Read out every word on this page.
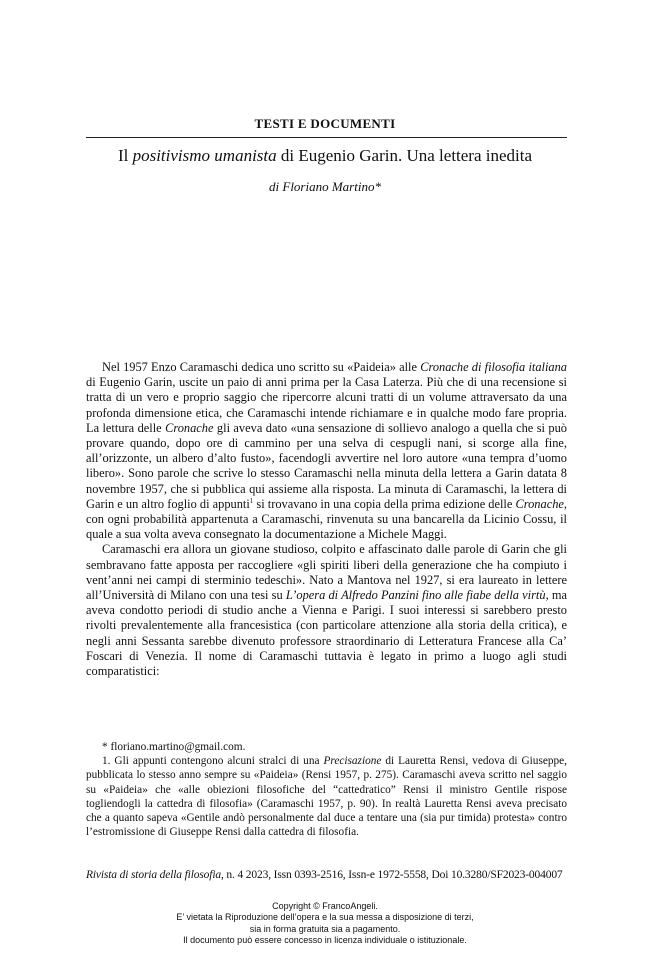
TESTI E DOCUMENTI
Il positivismo umanista di Eugenio Garin. Una lettera inedita
di Floriano Martino*

Nel 1957 Enzo Caramaschi dedica uno scritto su «Paideia» alle Cronache di filosofia italiana di Eugenio Garin, uscite un paio di anni prima per la Casa Laterza. Più che di una recensione si tratta di un vero e proprio saggio che ripercorre alcuni tratti di un volume attraversato da una profonda dimensione etica, che Caramaschi intende richiamare e in qualche modo fare propria. La lettura delle Cronache gli aveva dato «una sensazione di sollievo analogo a quella che si può provare quando, dopo ore di cammino per una selva di cespugli nani, si scorge alla fine, all’orizzonte, un albero d’alto fusto», facendogli avvertire nel loro autore «una tempra d’uomo libero». Sono parole che scrive lo stesso Caramaschi nella minuta della lettera a Garin datata 8 novembre 1957, che si pubblica qui assieme alla risposta. La minuta di Caramaschi, la lettera di Garin e un altro foglio di appunti$^1$ si trovavano in una copia della prima edizione delle Cronache, con ogni probabilità appartenuta a Caramaschi, rinvenuta su una bancarella da Licinio Cossu, il quale a sua volta aveva consegnato la documentazione a Michele Maggi.

Caramaschi era allora un giovane studioso, colpito e affascinato dalle parole di Garin che gli sembravano fatte apposta per raccogliere «gli spiriti liberi della generazione che ha compiuto i vent’anni nei campi di sterminio tedeschi». Nato a Mantova nel 1927, si era laureato in lettere all’Università di Milano con una tesi su L’opera di Alfredo Panzini fino alle fiabe della virtù, ma aveva condotto periodi di studio anche a Vienna e Parigi. I suoi interessi si sarebbero presto rivolti prevalentemente alla francesistica (con particolare attenzione alla storia della critica), e negli anni Sessanta sarebbe divenuto professore straordinario di Letteratura Francese alla Ca’ Foscari di Venezia. Il nome di Caramaschi tuttavia è legato in primo a luogo agli studi comparatistici:

* floriano.martino@gmail.com.

1. Gli appunti contengono alcuni stralci di una Precisazione di Lauretta Rensi, vedova di Giuseppe, pubblicata lo stesso anno sempre su «Paideia» (Rensi 1957, p. 275). Caramaschi aveva scritto nel saggio su «Paideia» che «alle obiezioni filosofiche del “cattedratico” Rensi il ministro Gentile rispose togliendogli la cattedra di filosofia» (Caramaschi 1957, p. 90). In realtà Lauretta Rensi aveva precisato che a quanto sapeva «Gentile andò personalmente dal duce a tentare una (sia pur timida) protesta» contro l’estromissione di Giuseppe Rensi dalla cattedra di filosofia.

Rivista di storia della filosofia, n. 4 2023, Issn 0393-2516, Issn-e 1972-5558, Doi 10.3280/SF2023-004007
Copyright © FrancoAngeli.
E’ vietata la Riproduzione dell’opera e la sua messa a disposizione di terzi,
sia in forma gratuita sia a pagamento.
Il documento può essere concesso in licenza individuale o istituzionale.
